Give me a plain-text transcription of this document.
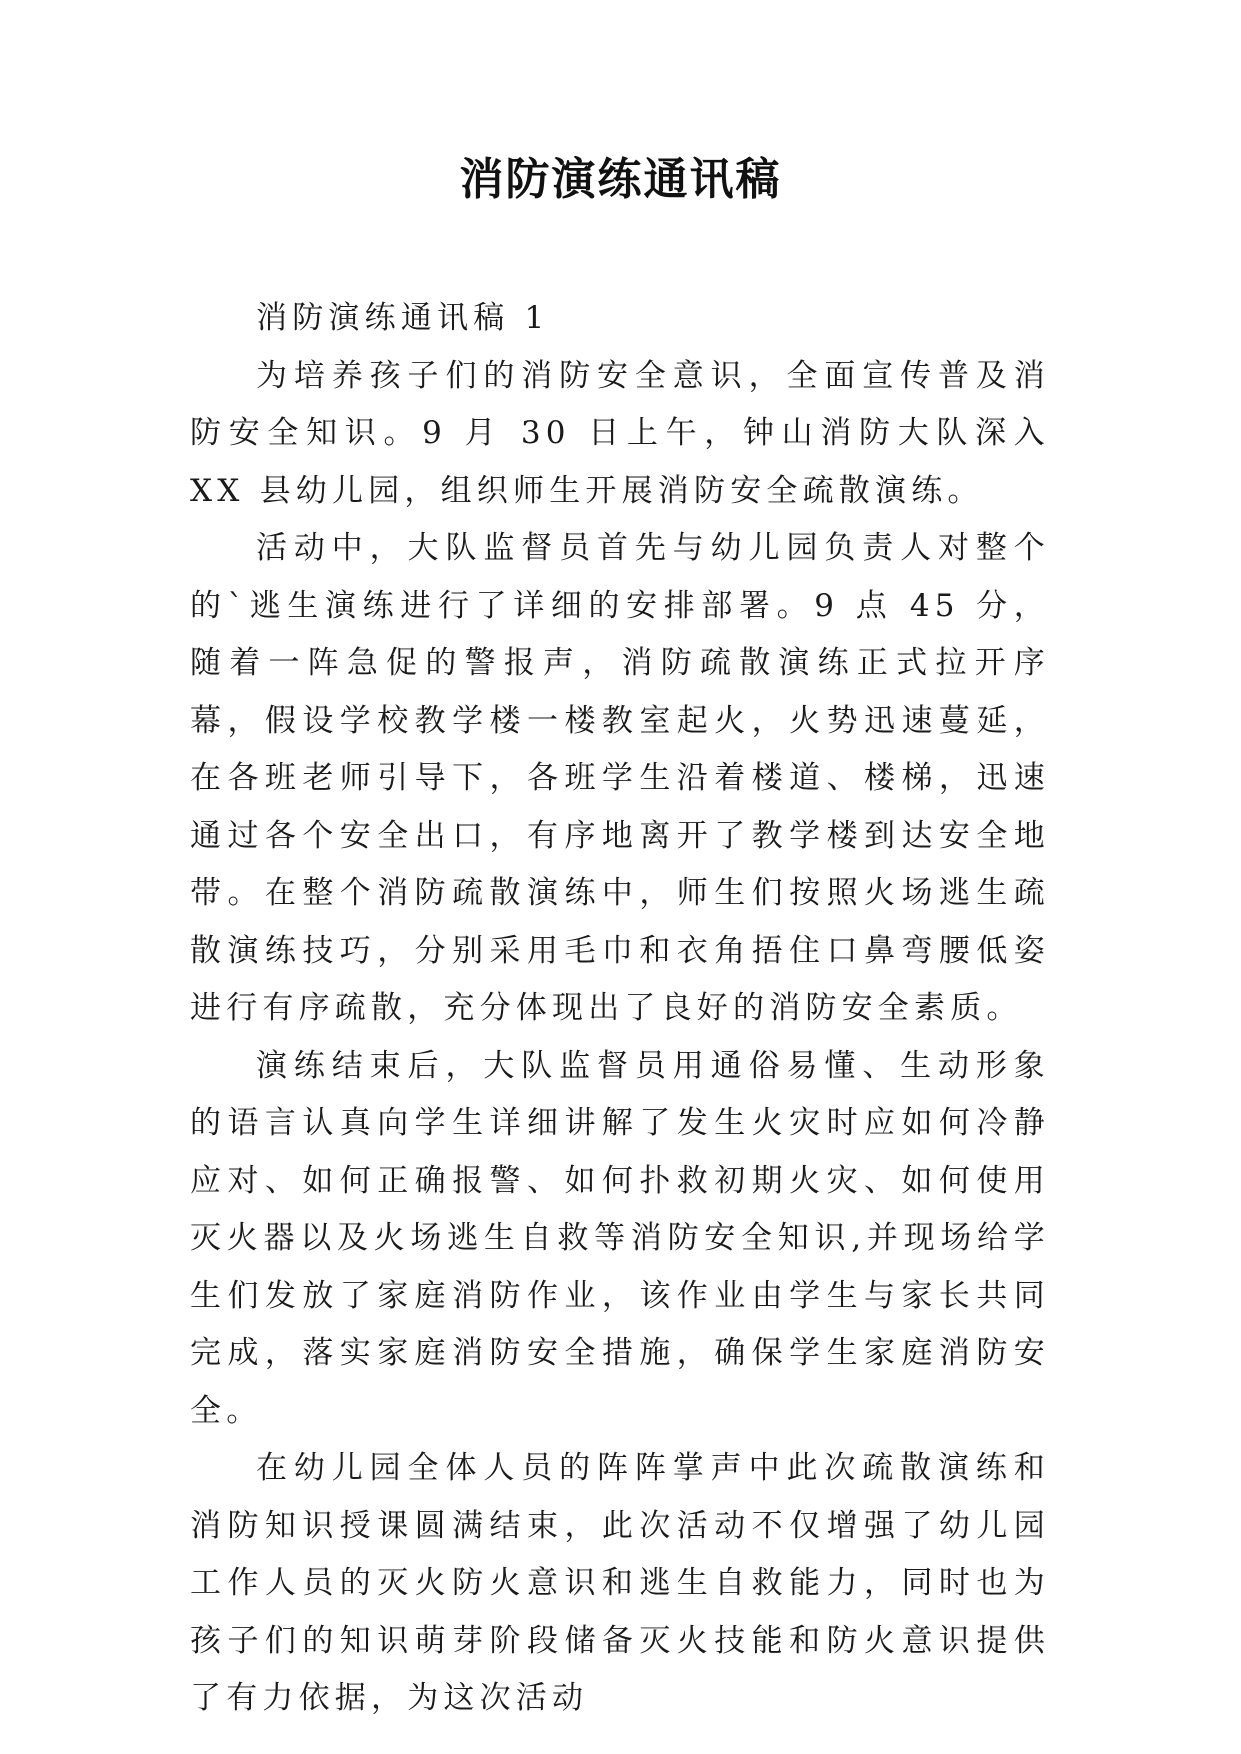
消防演练通讯稿

消防演练通讯稿 1

为培养孩子们的消防安全意识，全面宣传普及消防安全知识。9 月 30 日上午，钟山消防大队深入 XX 县幼儿园，组织师生开展消防安全疏散演练。

活动中，大队监督员首先与幼儿园负责人对整个的`逃生演练进行了详细的安排部署。9 点 45 分，随着一阵急促的警报声，消防疏散演练正式拉开序幕，假设学校教学楼一楼教室起火，火势迅速蔓延，在各班老师引导下，各班学生沿着楼道、楼梯，迅速通过各个安全出口，有序地离开了教学楼到达安全地带。在整个消防疏散演练中，师生们按照火场逃生疏散演练技巧，分别采用毛巾和衣角捂住口鼻弯腰低姿进行有序疏散，充分体现出了良好的消防安全素质。

演练结束后，大队监督员用通俗易懂、生动形象的语言认真向学生详细讲解了发生火灾时应如何冷静应对、如何正确报警、如何扑救初期火灾、如何使用灭火器以及火场逃生自救等消防安全知识,并现场给学生们发放了家庭消防作业，该作业由学生与家长共同完成，落实家庭消防安全措施，确保学生家庭消防安全。

在幼儿园全体人员的阵阵掌声中此次疏散演练和消防知识授课圆满结束，此次活动不仅增强了幼儿园工作人员的灭火防火意识和逃生自救能力，同时也为孩子们的知识萌芽阶段储备灭火技能和防火意识提供了有力依据，为这次活动
